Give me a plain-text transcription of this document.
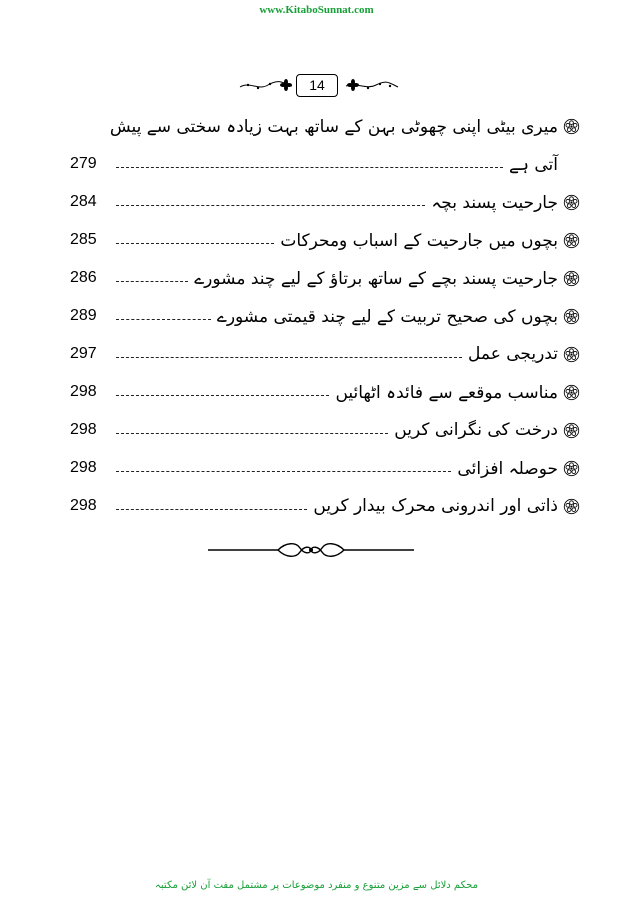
www.KitaboSunnat.com
14
میری بیٹی اپنی چھوٹی بہن کے ساتھ بہت زیادہ سختی سے پیش
آتی ہے
279
جارحیت پسند بچہ
284
بچوں میں جارحیت کے اسباب ومحرکات
285
جارحیت پسند بچے کے ساتھ برتاؤ کے لیے چند مشورے
286
بچوں کی صحیح تربیت کے لیے چند قیمتی مشورے
289
تدریجی عمل
297
مناسب موقعے سے فائدہ اٹھائیں
298
درخت کی نگرانی کریں
298
حوصلہ افزائی
298
ذاتی اور اندرونی محرک بیدار کریں
298
محکم دلائل سے مزین متنوع و منفرد موضوعات پر مشتمل مفت آن لائن مکتبہ
